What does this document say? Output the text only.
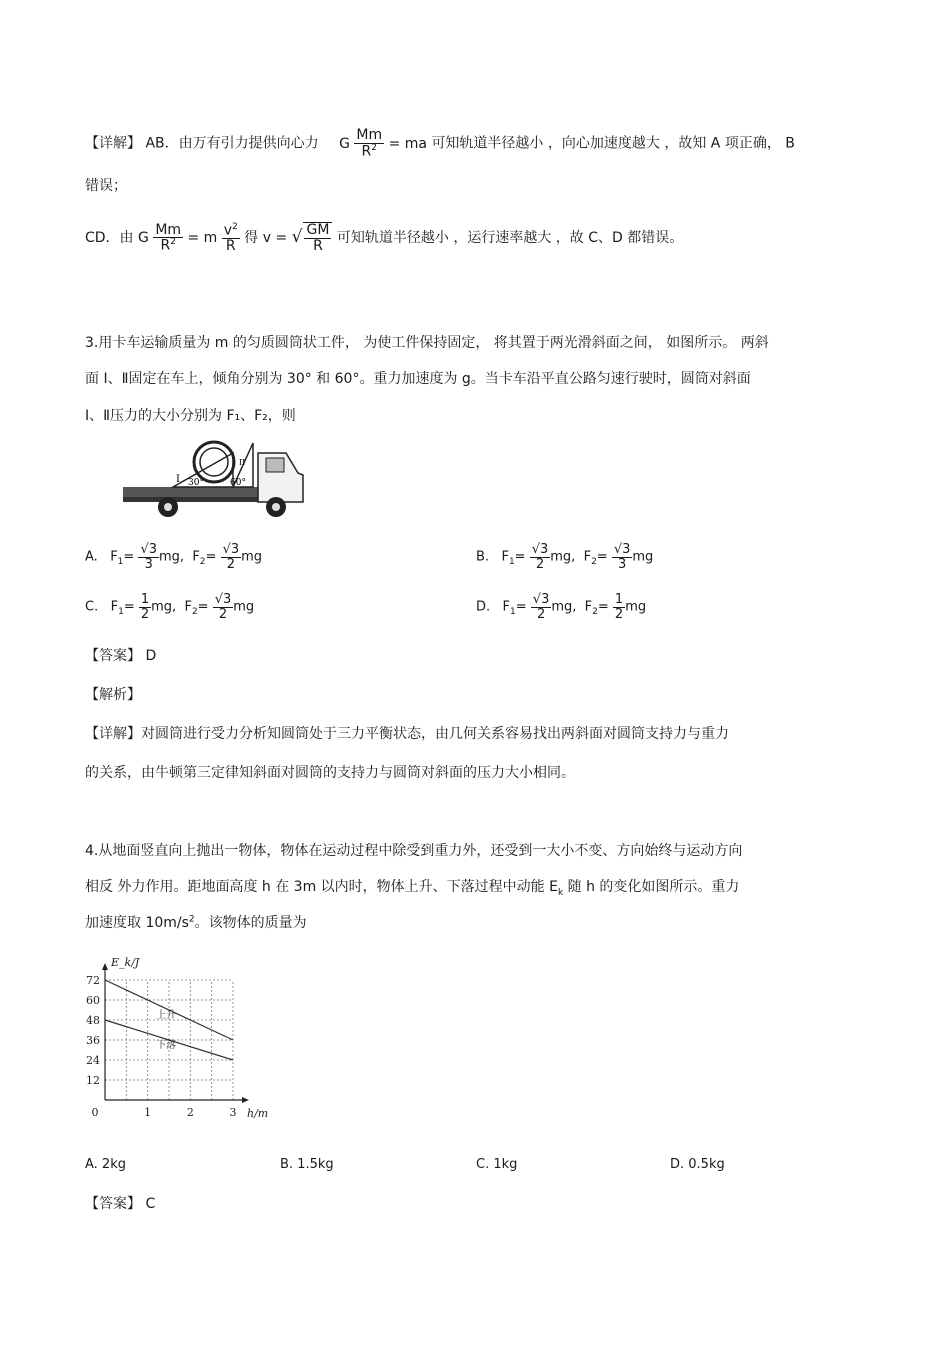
【详解】 AB．由万有引力提供向心力 G $\frac{Mm}{R^2}$ = ma 可知轨道半径越小 ，向心加速度越大 ，故知 A 项正确， B
错误；
CD．由 G $\frac{Mm}{R^2} = m \frac{v^2}{R}$ 得 v = √ $\frac{GM}{R}$ 可知轨道半径越小 ，运行速率越大 ，故 C、D 都错误。
3.用卡车运输质量为 m 的匀质圆筒状工件， 为使工件保持固定， 将其置于两光滑斜面之间， 如图所示。 两斜
面 I、Ⅱ固定在车上，倾角分别为 30° 和 60°。重力加速度为 g。当卡车沿平直公路匀速行驶时，圆筒对斜面
I、Ⅱ压力的大小分别为 F₁、F₂，则
I
II
30°	60°
A.   $F_1= \frac{√3}{3}$ mg,  $F_2= \frac{√3}{2}$ mg	B.   $F_1= \frac{√3}{2}$ mg,  $F_2= \frac{√3}{3}$ mg
C.   $F_1= \frac{1}{2}$ mg,  $F_2= \frac{√3}{2}$ mg	D.   $F_1= \frac{√3}{2}$ mg,  $F_2= \frac{1}{2}$ mg
【答案】 D
【解析】
【详解】对圆筒进行受力分析知圆筒处于三力平衡状态，由几何关系容易找出两斜面对圆筒支持力与重力
的关系，由牛顿第三定律知斜面对圆筒的支持力与圆筒对斜面的压力大小相同。
4.从地面竖直向上抛出一物体，物体在运动过程中除受到重力外，还受到一大小不变、方向始终与运动方向
相反 外力作用。距地面高度 h 在 3m 以内时，物体上升、下落过程中动能 $E_k$ 随 h 的变化如图所示。重力
加速度取 $10m/s^2$。该物体的质量为
上升
下落
12
24
36
48
60
72
0	1	2	3
E_k/J
h/m
A. 2kg	B. 1.5kg	C. 1kg	D. 0.5kg
【答案】 C
